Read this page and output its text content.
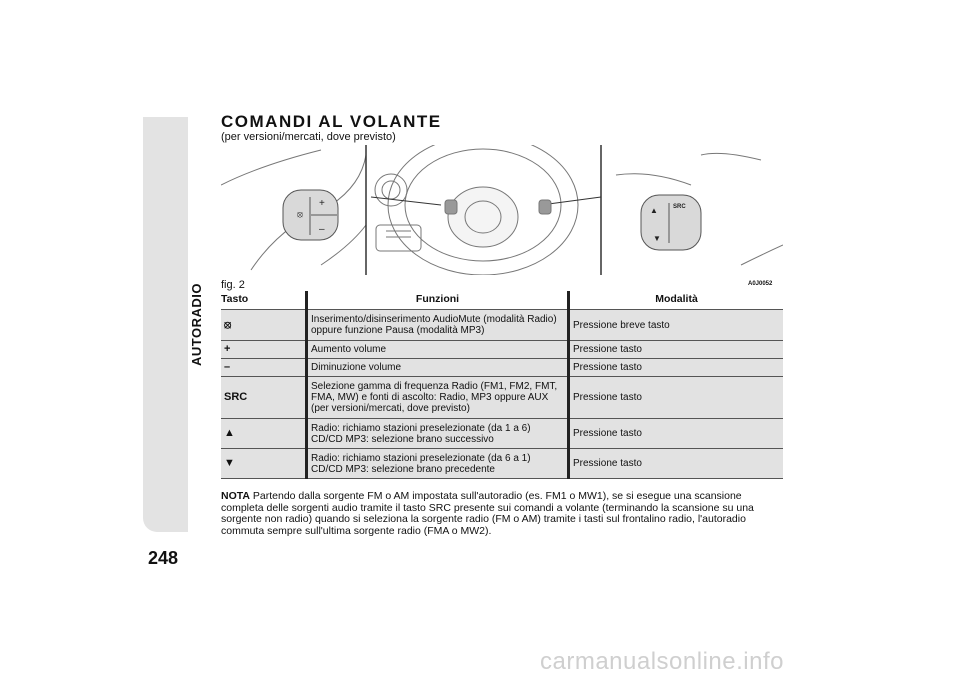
AUTORADIO
248
COMANDI AL VOLANTE

(per versioni/mercati, dove previsto)

⦻
+
–
▲
▼
SRC
fig. 2	A0J0052
Tasto	Funzioni	Modalità
⦻	Inserimento/disinserimento AudioMute (modalità Radio) oppure funzione Pausa (modalità MP3)	Pressione breve tasto
+	Aumento volume	Pressione tasto
–	Diminuzione volume	Pressione tasto
SRC	Selezione gamma di frequenza Radio (FM1, FM2, FMT, FMA, MW) e fonti di ascolto: Radio, MP3 oppure AUX (per versioni/mercati, dove previsto)	Pressione tasto
▲	Radio: richiamo stazioni preselezionate (da 1 a 6) CD/CD MP3: selezione brano successivo	Pressione tasto
▼	Radio: richiamo stazioni preselezionate (da 6 a 1) CD/CD MP3: selezione brano precedente	Pressione tasto
NOTA Partendo dalla sorgente FM o AM impostata sull'autoradio (es. FM1 o MW1), se si esegue una scansione completa delle sorgenti audio tramite il tasto SRC presente sui comandi a volante (terminando la scansione su una sorgente non radio) quando si seleziona la sorgente radio (FM o AM) tramite i tasti sul frontalino radio, l'autoradio commuta sempre sull'ultima sorgente radio (FMA o MW2).
carmanualsonline.info
